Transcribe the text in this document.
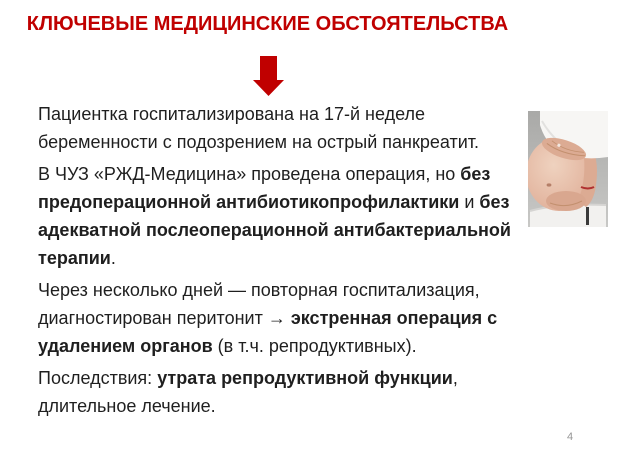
КЛЮЧЕВЫЕ МЕДИЦИНСКИЕ ОБСТОЯТЕЛЬСТВА

Пациентка госпитализирована на 17-й неделе беременности с подозрением на острый панкреатит.

В ЧУЗ «РЖД-Медицина» проведена операция, но без предоперационной антибиотикопрофилактики и без адекватной послеоперационной антибактериальной терапии.

Через несколько дней — повторная госпитализация, диагностирован перитонит → экстренная операция с удалением органов (в т.ч. репродуктивных).

Последствия: утрата репродуктивной функции, длительное лечение.

4
